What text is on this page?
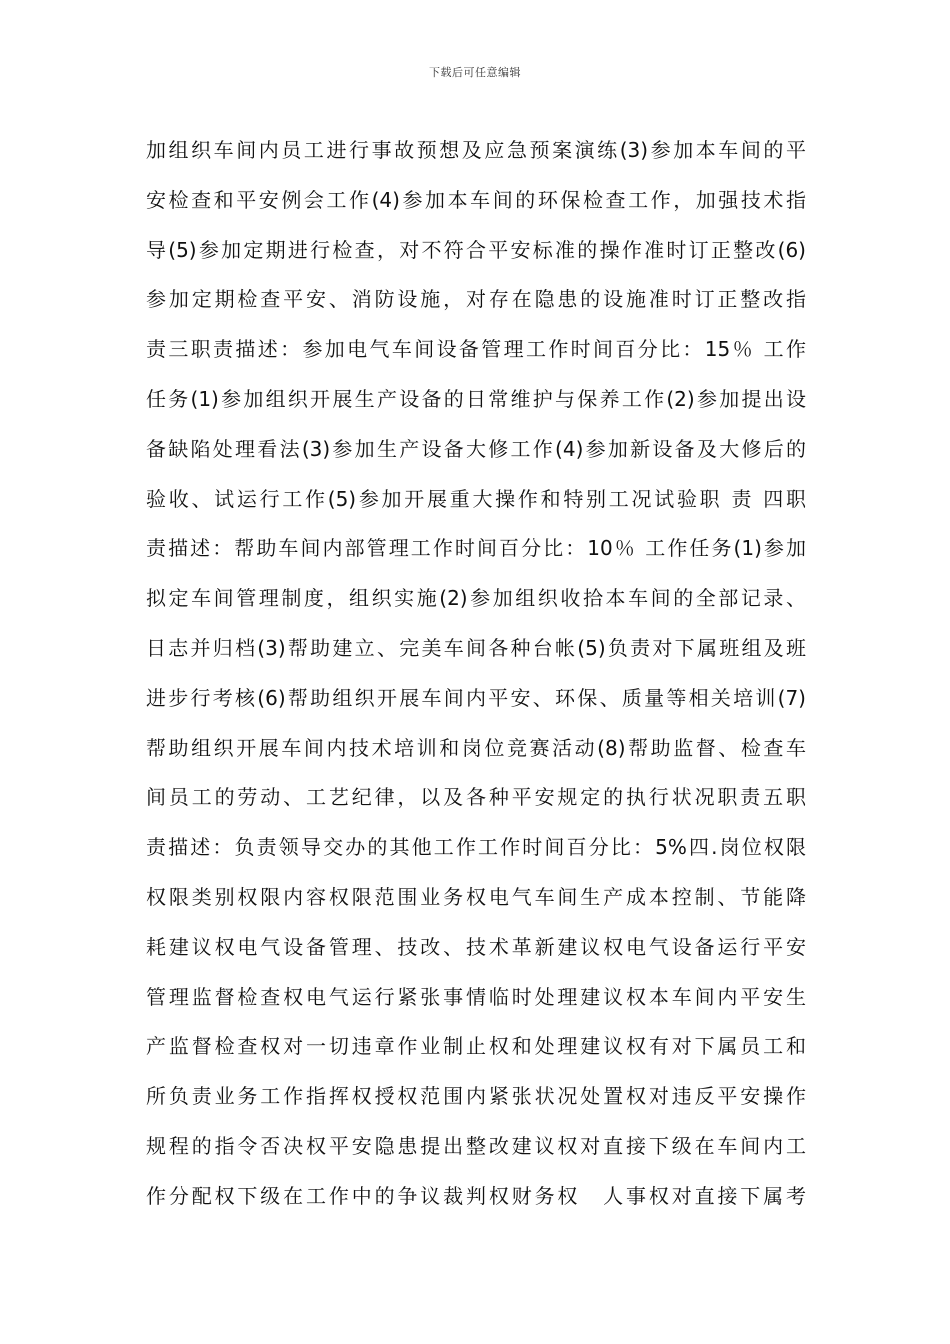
下载后可任意编辑
加组织车间内员工进行事故预想及应急预案演练(3)参加本车间的平
安检查和平安例会工作(4)参加本车间的环保检查工作，加强技术指
导(5)参加定期进行检查，对不符合平安标准的操作准时订正整改(6)
参加定期检查平安、消防设施，对存在隐患的设施准时订正整改指
责三职责描述：参加电气车间设备管理工作时间百分比：15％ 工作
任务(1)参加组织开展生产设备的日常维护与保养工作(2)参加提出设
备缺陷处理看法(3)参加生产设备大修工作(4)参加新设备及大修后的
验收、试运行工作(5)参加开展重大操作和特别工况试验职 责 四职
责描述：帮助车间内部管理工作时间百分比：10％ 工作任务(1)参加
拟定车间管理制度，组织实施(2)参加组织收拾本车间的全部记录、
日志并归档(3)帮助建立、完美车间各种台帐(5)负责对下属班组及班
进步行考核(6)帮助组织开展车间内平安、环保、质量等相关培训(7)
帮助组织开展车间内技术培训和岗位竞赛活动(8)帮助监督、检查车
间员工的劳动、工艺纪律，以及各种平安规定的执行状况职责五职
责描述：负责领导交办的其他工作工作时间百分比：5%四.岗位权限
权限类别权限内容权限范围业务权电气车间生产成本控制、节能降
耗建议权电气设备管理、技改、技术革新建议权电气设备运行平安
管理监督检查权电气运行紧张事情临时处理建议权本车间内平安生
产监督检查权对一切违章作业制止权和处理建议权有对下属员工和
所负责业务工作指挥权授权范围内紧张状况处置权对违反平安操作
规程的指令否决权平安隐患提出整改建议权对直接下级在车间内工
作分配权下级在工作中的争议裁判权财务权　人事权对直接下属考
